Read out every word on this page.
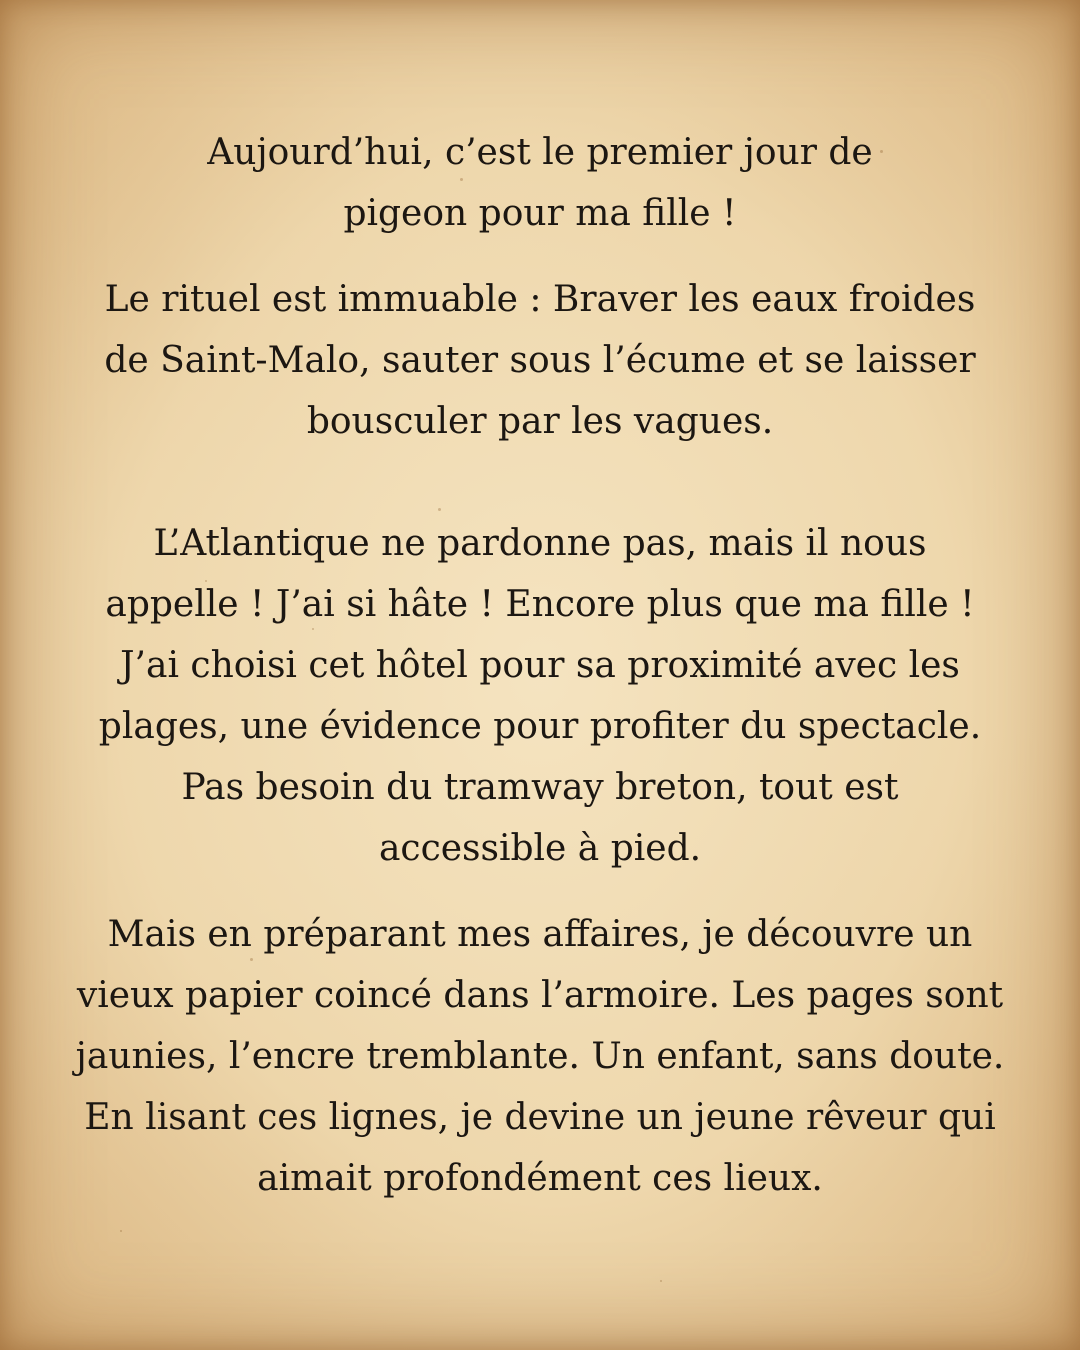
Aujourd’hui, c’est le premier jour de
pigeon pour ma fille !

Le rituel est immuable : Braver les eaux froides
de Saint-Malo, sauter sous l’écume et se laisser
bousculer par les vagues.

L’Atlantique ne pardonne pas, mais il nous
appelle ! J’ai si hâte ! Encore plus que ma fille !
J’ai choisi cet hôtel pour sa proximité avec les
plages, une évidence pour profiter du spectacle.
Pas besoin du tramway breton, tout est
accessible à pied.

Mais en préparant mes affaires, je découvre un
vieux papier coincé dans l’armoire. Les pages sont
jaunies, l’encre tremblante. Un enfant, sans doute.
En lisant ces lignes, je devine un jeune rêveur qui
aimait profondément ces lieux.
